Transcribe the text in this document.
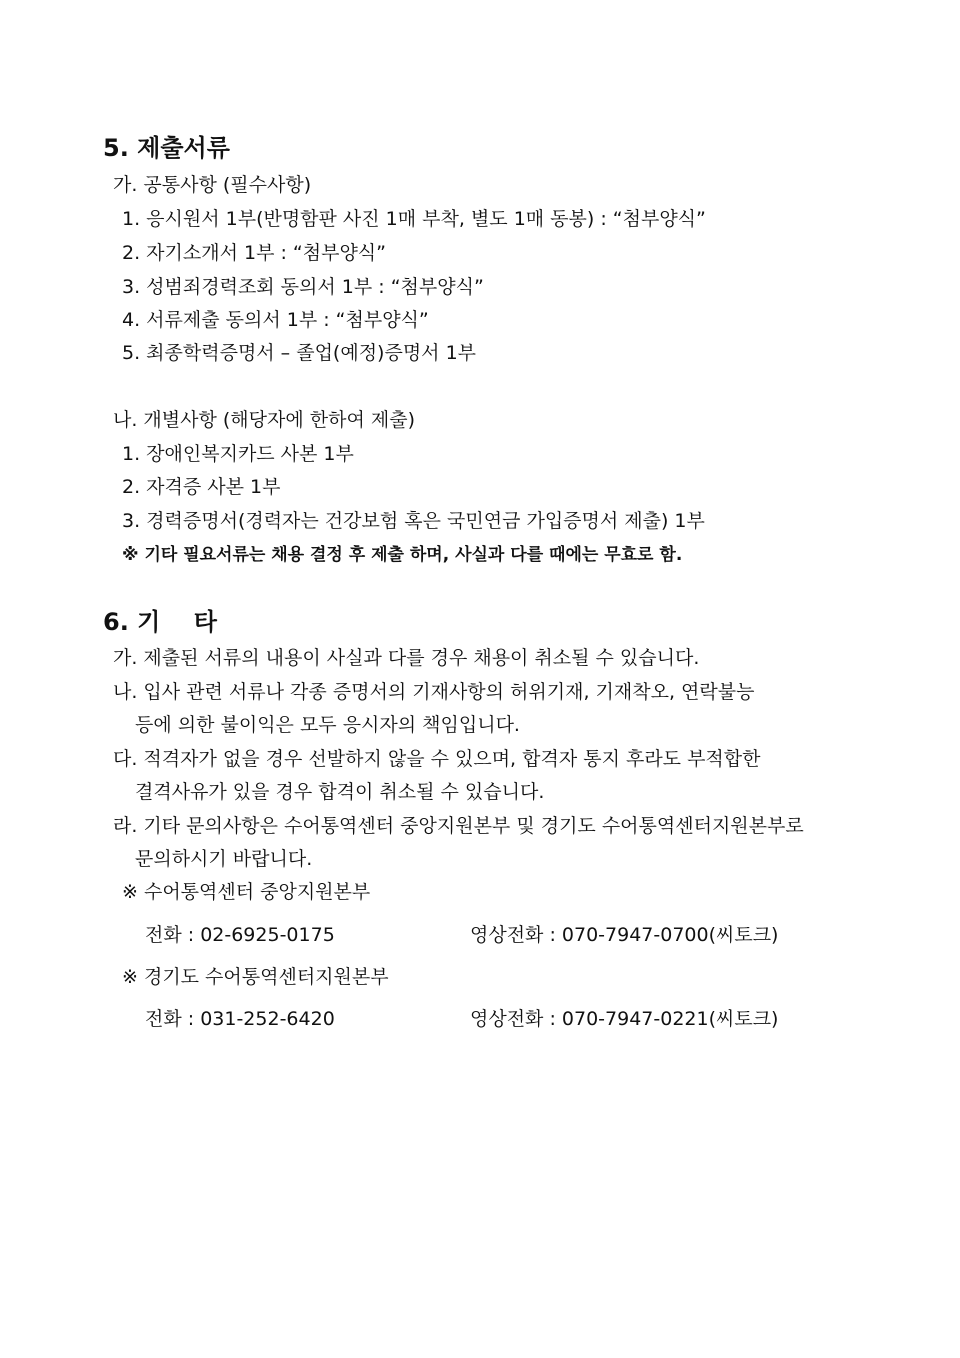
5. 제출서류
가. 공통사항 (필수사항)
1. 응시원서 1부(반명함판 사진 1매 부착, 별도 1매 동봉) : “첨부양식”
2. 자기소개서 1부 : “첨부양식”
3. 성범죄경력조회 동의서 1부 : “첨부양식”
4. 서류제출 동의서 1부 : “첨부양식”
5. 최종학력증명서 – 졸업(예정)증명서 1부
나. 개별사항 (해당자에 한하여 제출)
1. 장애인복지카드 사본 1부
2. 자격증 사본 1부
3. 경력증명서(경력자는 건강보험 혹은 국민연금 가입증명서 제출) 1부
※ 기타 필요서류는 채용 결정 후 제출 하며, 사실과 다를 때에는 무효로 함.
6. 기    타
가. 제출된 서류의 내용이 사실과 다를 경우 채용이 취소될 수 있습니다.
나. 입사 관련 서류나 각종 증명서의 기재사항의 허위기재, 기재착오, 연락불능
등에 의한 불이익은 모두 응시자의 책임입니다.
다. 적격자가 없을 경우 선발하지 않을 수 있으며, 합격자 통지 후라도 부적합한
결격사유가 있을 경우 합격이 취소될 수 있습니다.
라. 기타 문의사항은 수어통역센터 중앙지원본부 및 경기도 수어통역센터지원본부로
문의하시기 바랍니다.
※ 수어통역센터 중앙지원본부
전화 : 02-6925-0175	영상전화 : 070-7947-0700(씨토크)
※ 경기도 수어통역센터지원본부
전화 : 031-252-6420	영상전화 : 070-7947-0221(씨토크)
